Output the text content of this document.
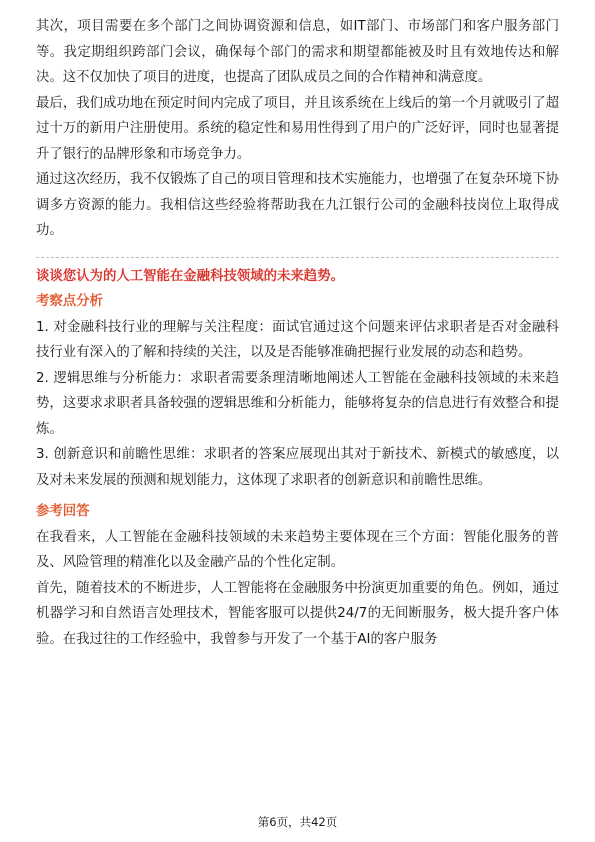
其次，项目需要在多个部门之间协调资源和信息，如IT部门、市场部门和客户服务部门等。我定期组织跨部门会议，确保每个部门的需求和期望都能被及时且有效地传达和解决。这不仅加快了项目的进度，也提高了团队成员之间的合作精神和满意度。

最后，我们成功地在预定时间内完成了项目，并且该系统在上线后的第一个月就吸引了超过十万的新用户注册使用。系统的稳定性和易用性得到了用户的广泛好评，同时也显著提升了银行的品牌形象和市场竞争力。

通过这次经历，我不仅锻炼了自己的项目管理和技术实施能力，也增强了在复杂环境下协调多方资源的能力。我相信这些经验将帮助我在九江银行公司的金融科技岗位上取得成功。

谈谈您认为的人工智能在金融科技领域的未来趋势。

考察点分析

1. 对金融科技行业的理解与关注程度：面试官通过这个问题来评估求职者是否对金融科技行业有深入的了解和持续的关注，以及是否能够准确把握行业发展的动态和趋势。

2. 逻辑思维与分析能力：求职者需要条理清晰地阐述人工智能在金融科技领域的未来趋势，这要求求职者具备较强的逻辑思维和分析能力，能够将复杂的信息进行有效整合和提炼。

3. 创新意识和前瞻性思维：求职者的答案应展现出其对于新技术、新模式的敏感度，以及对未来发展的预测和规划能力，这体现了求职者的创新意识和前瞻性思维。

参考回答

在我看来，人工智能在金融科技领域的未来趋势主要体现在三个方面：智能化服务的普及、风险管理的精准化以及金融产品的个性化定制。

首先，随着技术的不断进步，人工智能将在金融服务中扮演更加重要的角色。例如，通过机器学习和自然语言处理技术，智能客服可以提供24/7的无间断服务，极大提升客户体验。在我过往的工作经验中，我曾参与开发了一个基于AI的客户服务

第6页，共42页
